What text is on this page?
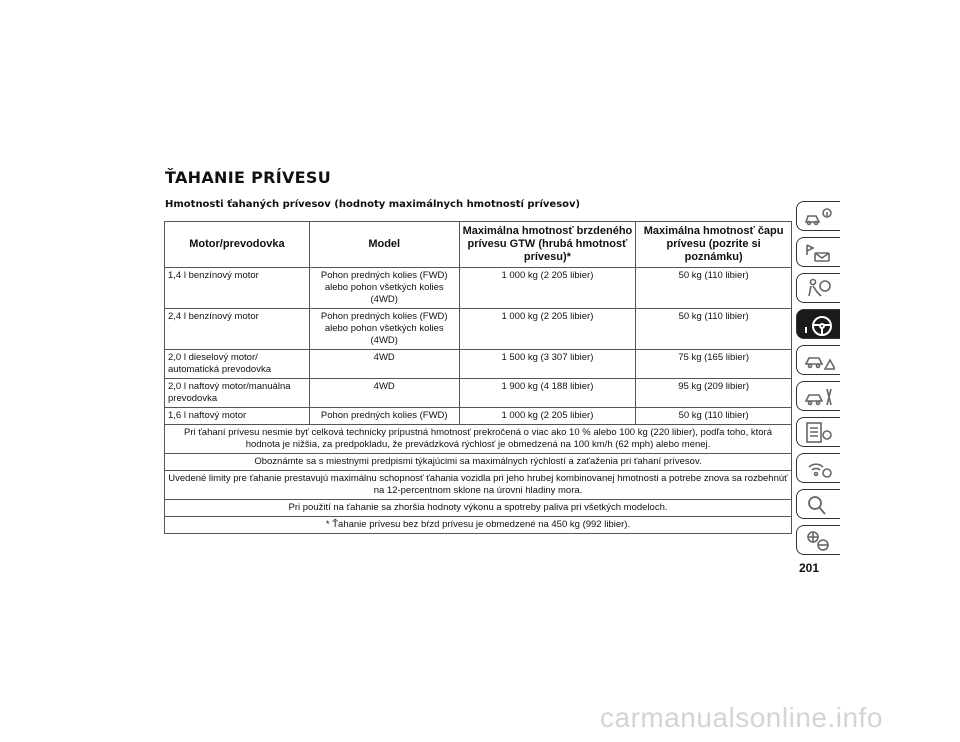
ŤAHANIE PRÍVESU
Hmotnosti ťahaných prívesov (hodnoty maximálnych hmotností prívesov)
Motor/prevodovka	Model	Maximálna hmotnosť brzdeného prívesu GTW (hrubá hmotnosť prívesu)*	Maximálna hmotnosť čapu prívesu (pozrite si poznámku)
1,4 l benzínový motor	Pohon predných kolies (FWD) alebo pohon všetkých kolies (4WD)	1 000 kg (2 205 libier)	50 kg (110 libier)
2,4 l benzínový motor	Pohon predných kolies (FWD) alebo pohon všetkých kolies (4WD)	1 000 kg (2 205 libier)	50 kg (110 libier)
2,0 l dieselový motor/ automatická prevodovka	4WD	1 500 kg (3 307 libier)	75 kg (165 libier)
2,0 l naftový motor/manuálna prevodovka	4WD	1 900 kg (4 188 libier)	95 kg (209 libier)
1,6 l naftový motor	Pohon predných kolies (FWD)	1 000 kg (2 205 libier)	50 kg (110 libier)
Pri ťahaní prívesu nesmie byť celková technicky prípustná hmotnosť prekročená o viac ako 10 % alebo 100 kg (220 libier), podľa toho, ktorá hodnota je nižšia, za predpokladu, že prevádzková rýchlosť je obmedzená na 100 km/h (62 mph) alebo menej.			
Oboznámte sa s miestnymi predpismi týkajúcimi sa maximálnych rýchlostí a zaťaženia pri ťahaní prívesov.			
Uvedené limity pre ťahanie prestavujú maximálnu schopnosť ťahania vozidla pri jeho hrubej kombinovanej hmotnosti a potrebe znova sa rozbehnúť na 12-percentnom sklone na úrovni hladiny mora.			
Pri použití na ťahanie sa zhoršia hodnoty výkonu a spotreby paliva pri všetkých modeloch.			
* Ťahanie prívesu bez bŕzd prívesu je obmedzené na 450 kg (992 libier).			
201
carmanualsonline.info
